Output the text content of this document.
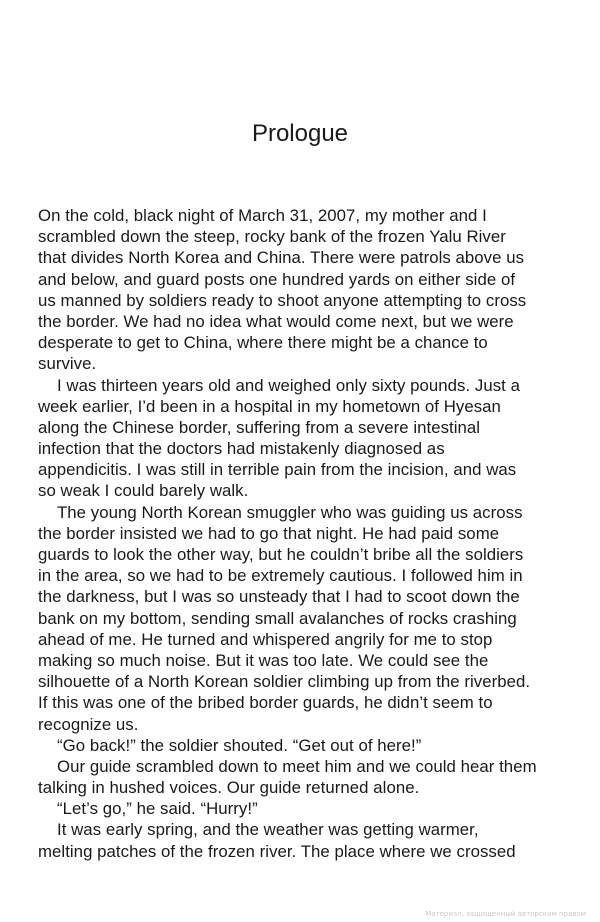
Prologue
On the cold, black night of March 31, 2007, my mother and I
scrambled down the steep, rocky bank of the frozen Yalu River
that divides North Korea and China. There were patrols above us
and below, and guard posts one hundred yards on either side of
us manned by soldiers ready to shoot anyone attempting to cross
the border. We had no idea what would come next, but we were
desperate to get to China, where there might be a chance to
survive.
I was thirteen years old and weighed only sixty pounds. Just a
week earlier, I’d been in a hospital in my hometown of Hyesan
along the Chinese border, suffering from a severe intestinal
infection that the doctors had mistakenly diagnosed as
appendicitis. I was still in terrible pain from the incision, and was
so weak I could barely walk.
The young North Korean smuggler who was guiding us across
the border insisted we had to go that night. He had paid some
guards to look the other way, but he couldn’t bribe all the soldiers
in the area, so we had to be extremely cautious. I followed him in
the darkness, but I was so unsteady that I had to scoot down the
bank on my bottom, sending small avalanches of rocks crashing
ahead of me. He turned and whispered angrily for me to stop
making so much noise. But it was too late. We could see the
silhouette of a North Korean soldier climbing up from the riverbed.
If this was one of the bribed border guards, he didn’t seem to
recognize us.
“Go back!” the soldier shouted. “Get out of here!”
Our guide scrambled down to meet him and we could hear them
talking in hushed voices. Our guide returned alone.
“Let’s go,” he said. “Hurry!”
It was early spring, and the weather was getting warmer,
melting patches of the frozen river. The place where we crossed
Материал, защищенный авторским правом
